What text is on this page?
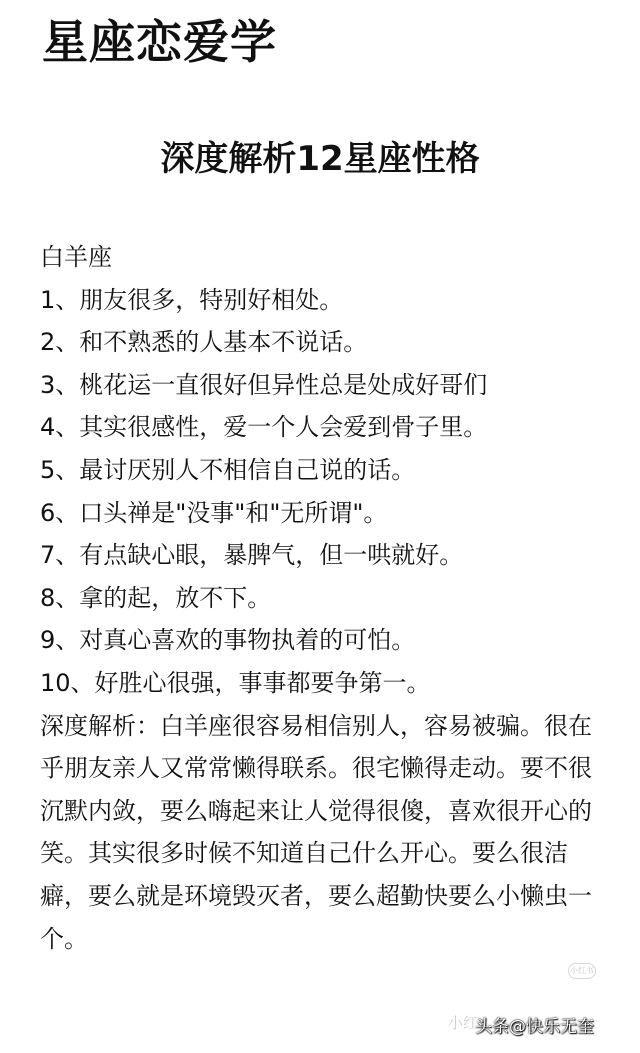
星座恋爱学
深度解析12星座性格
白羊座
1、朋友很多，特别好相处。
2、和不熟悉的人基本不说话。
3、桃花运一直很好但异性总是处成好哥们
4、其实很感性，爱一个人会爱到骨子里。
5、最讨厌别人不相信自己说的话。
6、口头禅是"没事"和"无所谓"。
7、有点缺心眼，暴脾气，但一哄就好。
8、拿的起，放不下。
9、对真心喜欢的事物执着的可怕。
10、好胜心很强，事事都要争第一。
深度解析：白羊座很容易相信别人，容易被骗。很在乎朋友亲人又常常懒得联系。很宅懒得走动。要不很沉默内敛，要么嗨起来让人觉得很傻，喜欢很开心的笑。其实很多时候不知道自己什么开心。要么很洁癖，要么就是环境毁灭者，要么超勤快要么小懒虫一个。
小红书
小红
头条@快乐无奎
